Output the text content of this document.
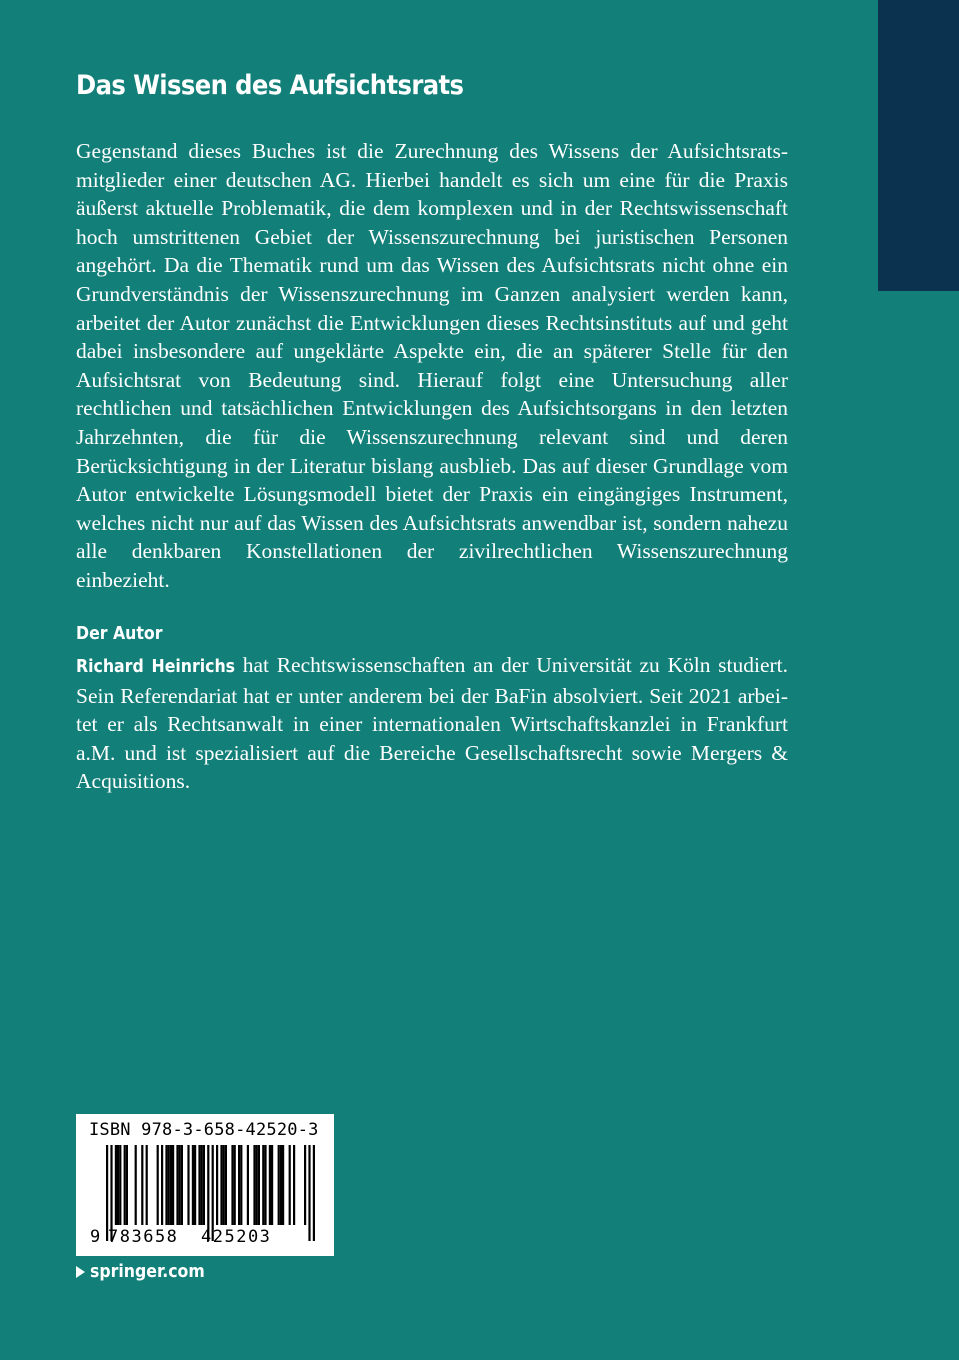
Das Wissen des Aufsichtsrats
Gegenstand dieses Buches ist die Zurechnung des Wissens der Aufsichtsratsmitglieder einer deutschen AG. Hierbei handelt es sich um eine für die Praxis äußerst aktuelle Problematik, die dem komplexen und in der Rechtswissenschaft hoch umstrittenen Gebiet der Wissenszurechnung bei juristischen Personen angehört. Da die Thematik rund um das Wissen des Aufsichtsrats nicht ohne ein Grundverständnis der Wissenszurechnung im Ganzen analysiert werden kann, arbeitet der Autor zunächst die Entwicklungen dieses Rechtsinstituts auf und geht dabei insbesondere auf ungeklärte Aspekte ein, die an späterer Stelle für den Aufsichtsrat von Bedeutung sind. Hierauf folgt eine Untersuchung aller rechtlichen und tatsächlichen Entwicklungen des Aufsichtsorgans in den letzten Jahrzehnten, die für die Wissenszurechnung relevant sind und deren Berücksichtigung in der Literatur bislang ausblieb. Das auf dieser Grundlage vom Autor entwickelte Lösungsmodell bietet der Praxis ein eingängiges Instrument, welches nicht nur auf das Wissen des Aufsichtsrats anwendbar ist, sondern nahezu alle denkbaren Konstellationen der zivilrechtlichen Wissenszurechnung einbezieht.
Der Autor
Richard Heinrichs hat Rechtswissenschaften an der Universität zu Köln studiert. Sein Referendariat hat er unter anderem bei der BaFin absolviert. Seit 2021 arbeitet er als Rechtsanwalt in einer internationalen Wirtschaftskanzlei in Frankfurt a.M. und ist spezialisiert auf die Bereiche Gesellschaftsrecht sowie Mergers & Acquisitions.
ISBN 978-3-658-42520-3
9 783658 425203
springer.com
